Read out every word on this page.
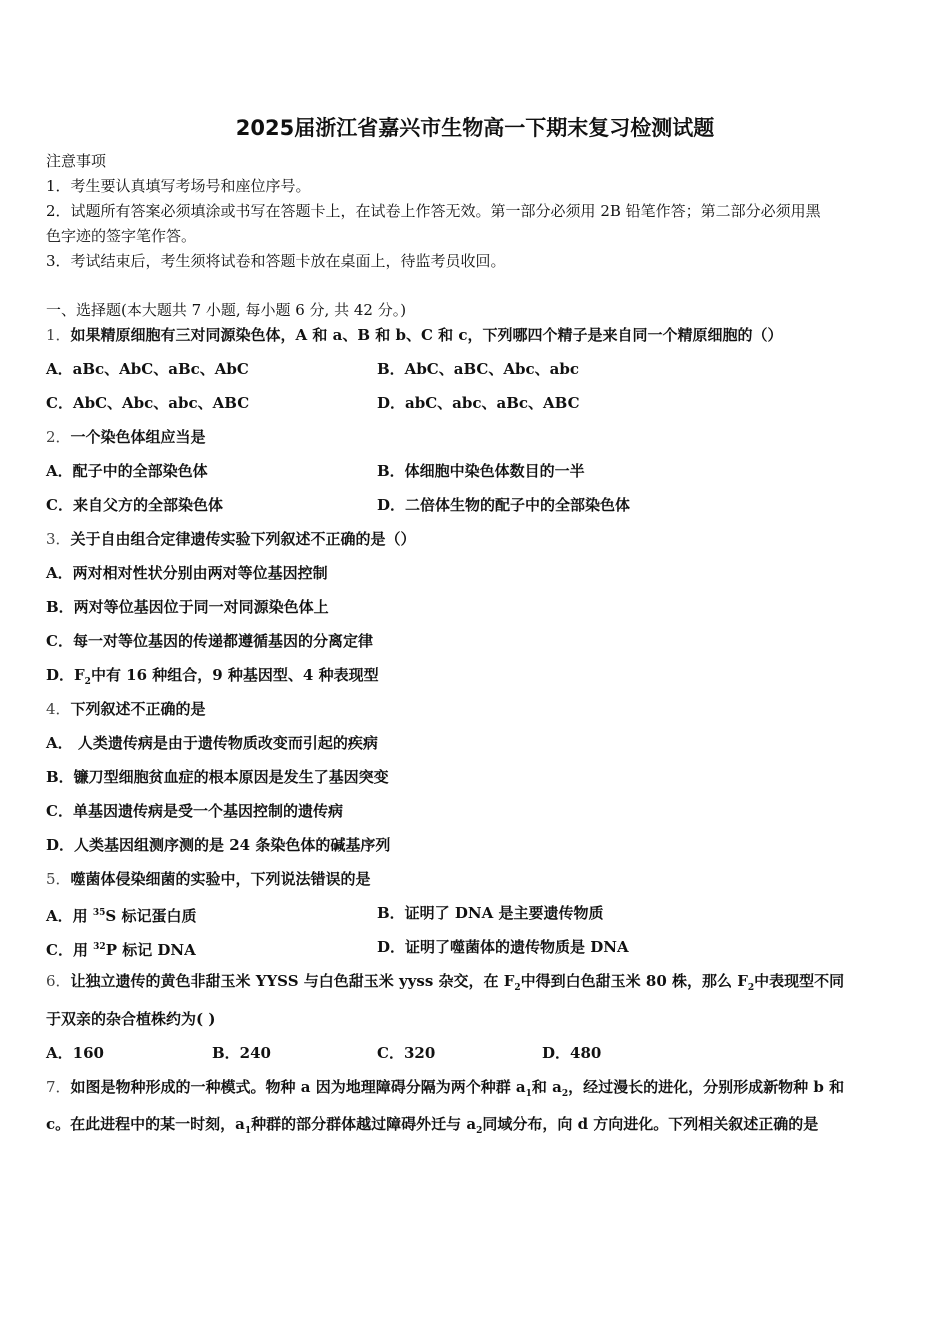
2025届浙江省嘉兴市生物高一下期末复习检测试题
注意事项
1．考生要认真填写考场号和座位序号。
2．试题所有答案必须填涂或书写在答题卡上，在试卷上作答无效。第一部分必须用 2B 铅笔作答；第二部分必须用黑
色字迹的签字笔作答。
3．考试结束后，考生须将试卷和答题卡放在桌面上，待监考员收回。
一、选择题(本大题共 7 小题, 每小题 6 分, 共 42 分。)
1．如果精原细胞有三对同源染色体，A 和 a、B 和 b、C 和 c，下列哪四个精子是来自同一个精原细胞的（）
A．aBc、AbC、aBc、AbC	B．AbC、aBC、Abc、abc
C．AbC、Abc、abc、ABC	D．abC、abc、aBc、ABC
2．一个染色体组应当是
A．配子中的全部染色体	B．体细胞中染色体数目的一半
C．来自父方的全部染色体	D．二倍体生物的配子中的全部染色体
3．关于自由组合定律遗传实验下列叙述不正确的是（）
A．两对相对性状分别由两对等位基因控制
B．两对等位基因位于同一对同源染色体上
C．每一对等位基因的传递都遵循基因的分离定律
D．$F_2$中有 16 种组合，9 种基因型、4 种表现型
4．下列叙述不正确的是
A． 人类遗传病是由于遗传物质改变而引起的疾病
B．镰刀型细胞贫血症的根本原因是发生了基因突变
C．单基因遗传病是受一个基因控制的遗传病
D．人类基因组测序测的是 24 条染色体的碱基序列
5．噬菌体侵染细菌的实验中，下列说法错误的是
A．用 $^{35}$S 标记蛋白质	B．证明了 DNA 是主要遗传物质
C．用 $^{32}$P 标记 DNA	D．证明了噬菌体的遗传物质是 DNA
6．让独立遗传的黄色非甜玉米 YYSS 与白色甜玉米 yyss 杂交，在 $F_2$中得到白色甜玉米 80 株，那么 $F_2$中表现型不同
于双亲的杂合植株约为( )
A．160	B．240	C．320	D．480
7．如图是物种形成的一种模式。物种 a 因为地理障碍分隔为两个种群 $a_1$和 $a_2$，经过漫长的进化，分别形成新物种 b 和
c。在此进程中的某一时刻，$a_1$种群的部分群体越过障碍外迁与 $a_2$同域分布，向 d 方向进化。下列相关叙述正确的是
